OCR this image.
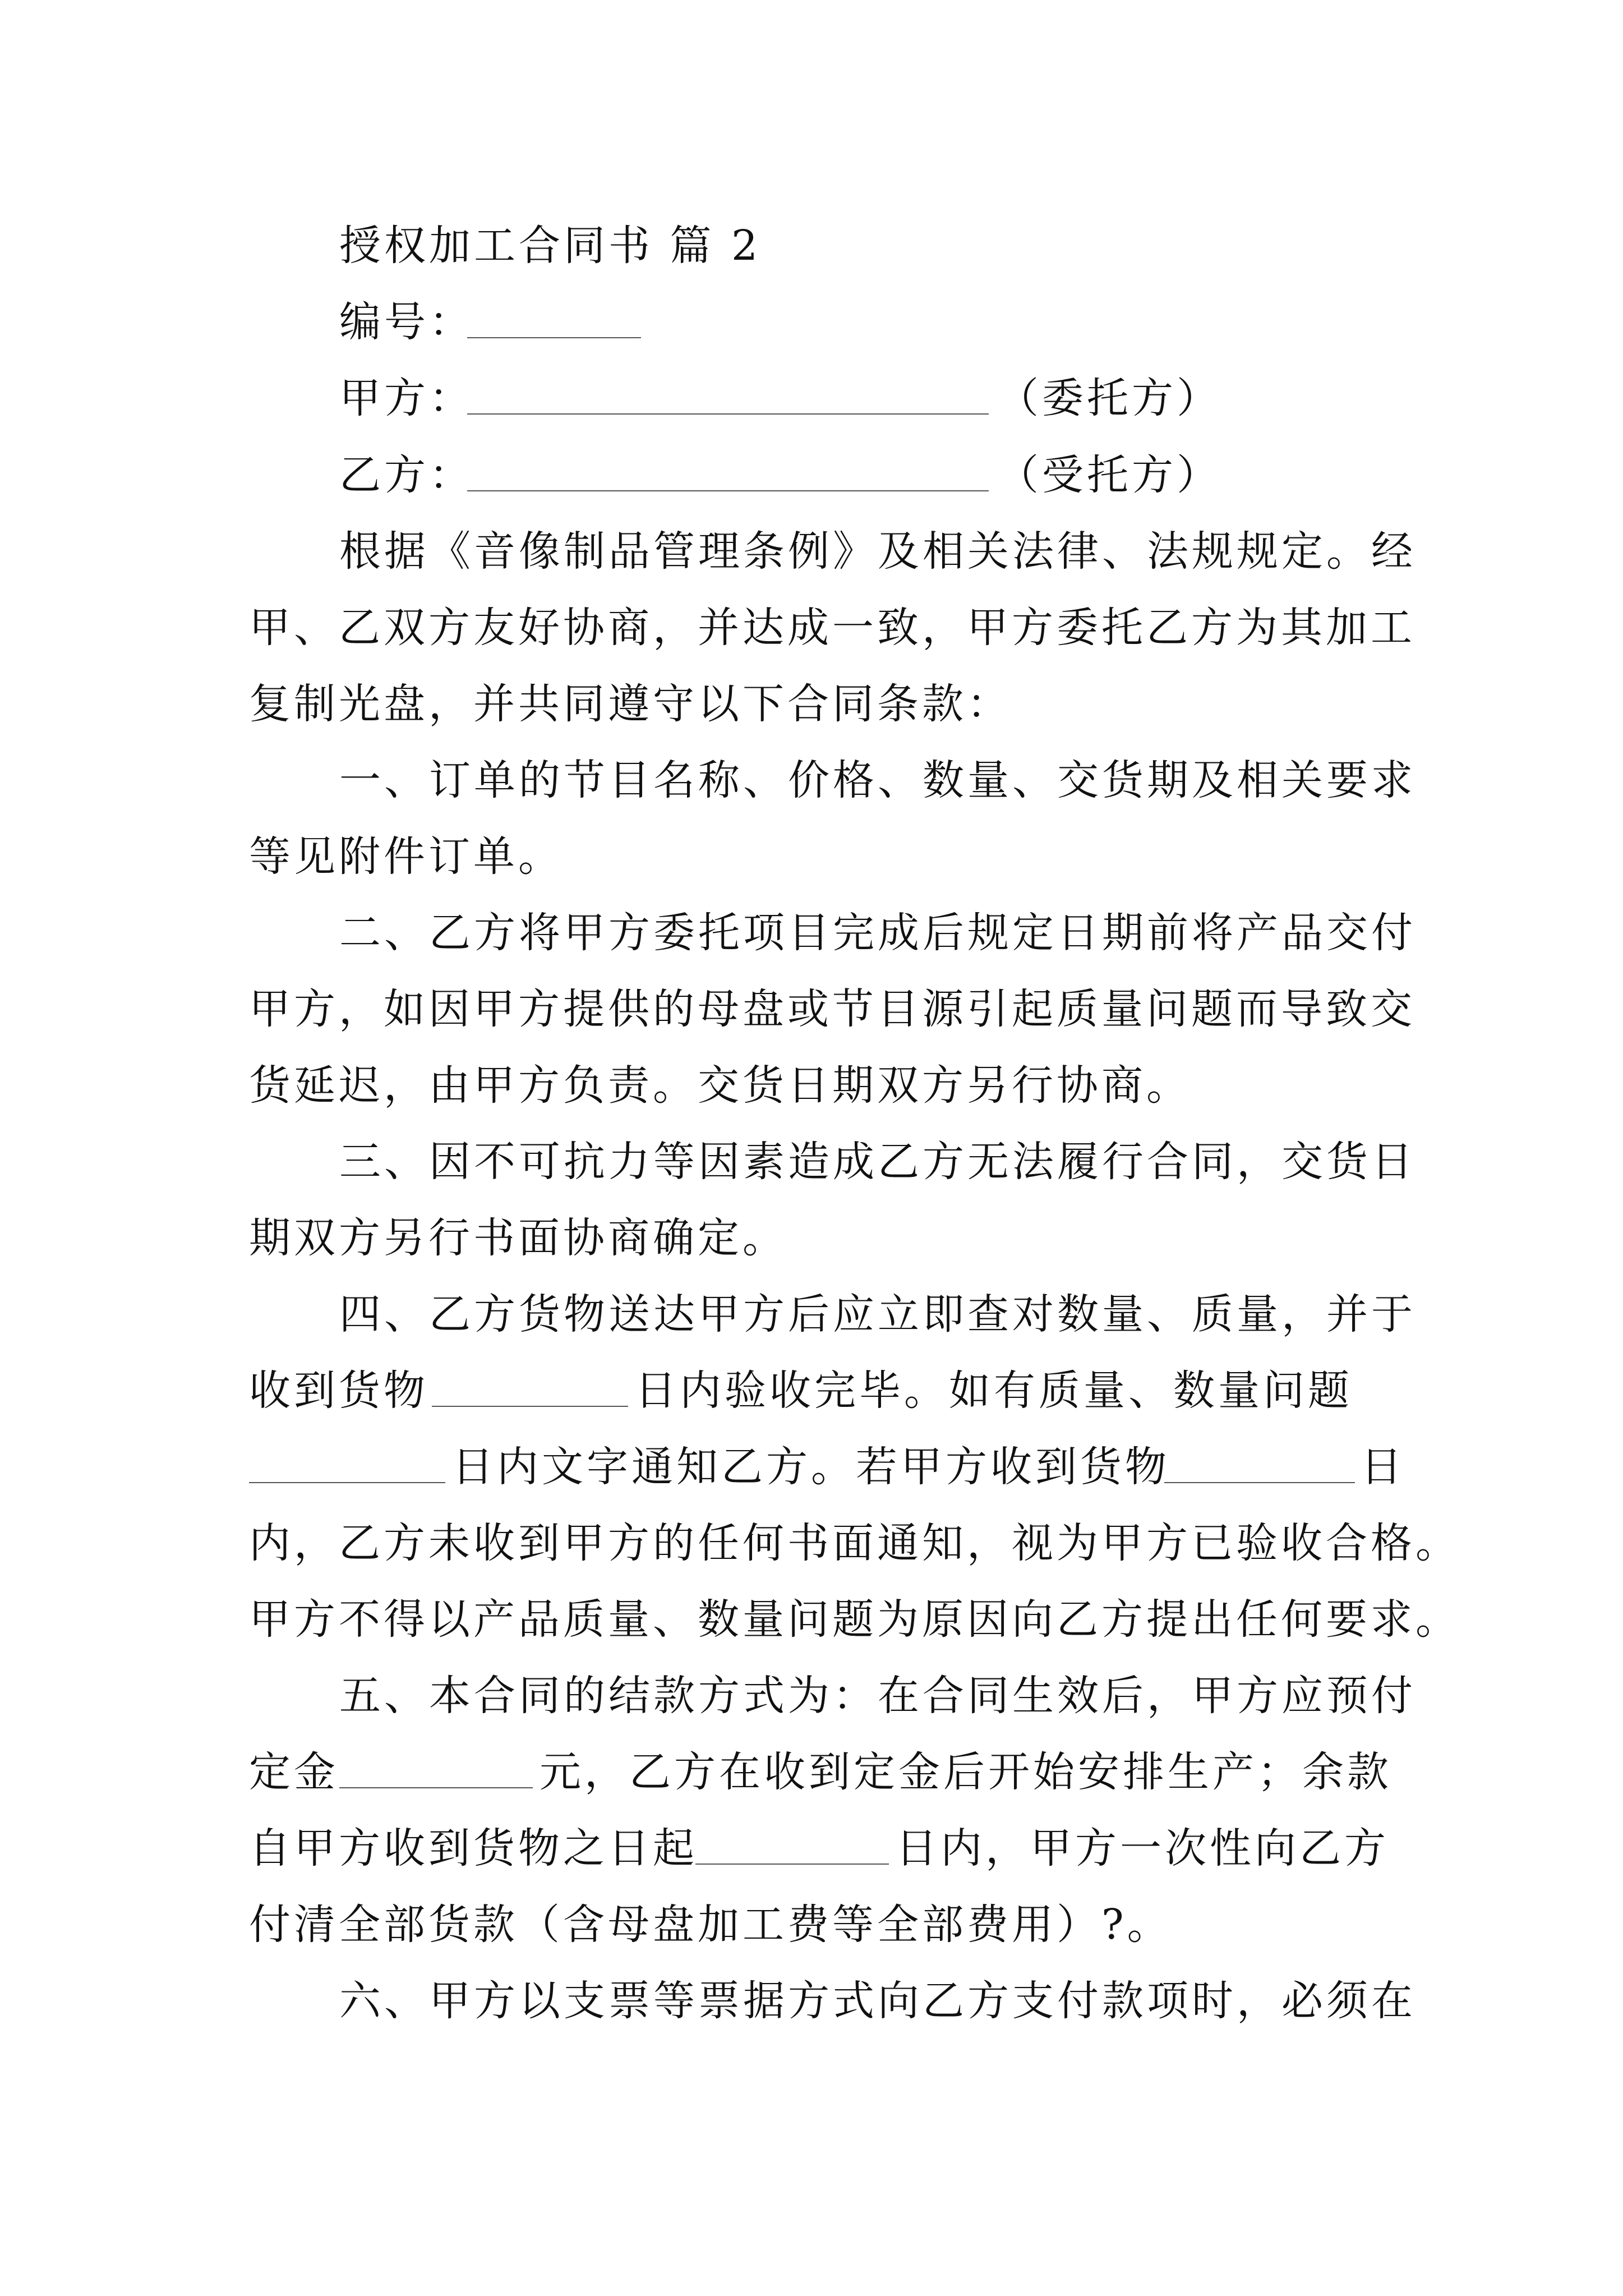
授权加工合同书 篇 2

编号：

甲方：

	（委托方）

乙方：

	（受托方）

根据《音像制品管理条例》及相关法律、法规规定。经

甲、乙双方友好协商，并达成一致，甲方委托乙方为其加工

复制光盘，并共同遵守以下合同条款：

一、订单的节目名称、价格、数量、交货期及相关要求

等见附件订单。

二、乙方将甲方委托项目完成后规定日期前将产品交付

甲方，如因甲方提供的母盘或节目源引起质量问题而导致交

货延迟，由甲方负责。交货日期双方另行协商。

三、因不可抗力等因素造成乙方无法履行合同，交货日

期双方另行书面协商确定。

四、乙方货物送达甲方后应立即查对数量、质量，并于

收到货物

	日内验收完毕。如有质量、数量问题

日内文字通知乙方。若甲方收到货物

	日

内，乙方未收到甲方的任何书面通知，视为甲方已验收合格。

甲方不得以产品质量、数量问题为原因向乙方提出任何要求。

五、本合同的结款方式为：在合同生效后，甲方应预付

定金

	元，乙方在收到定金后开始安排生产；余款

自甲方收到货物之日起

	日内，甲方一次性向乙方

付清全部货款（含母盘加工费等全部费用）?。

六、甲方以支票等票据方式向乙方支付款项时，必须在
